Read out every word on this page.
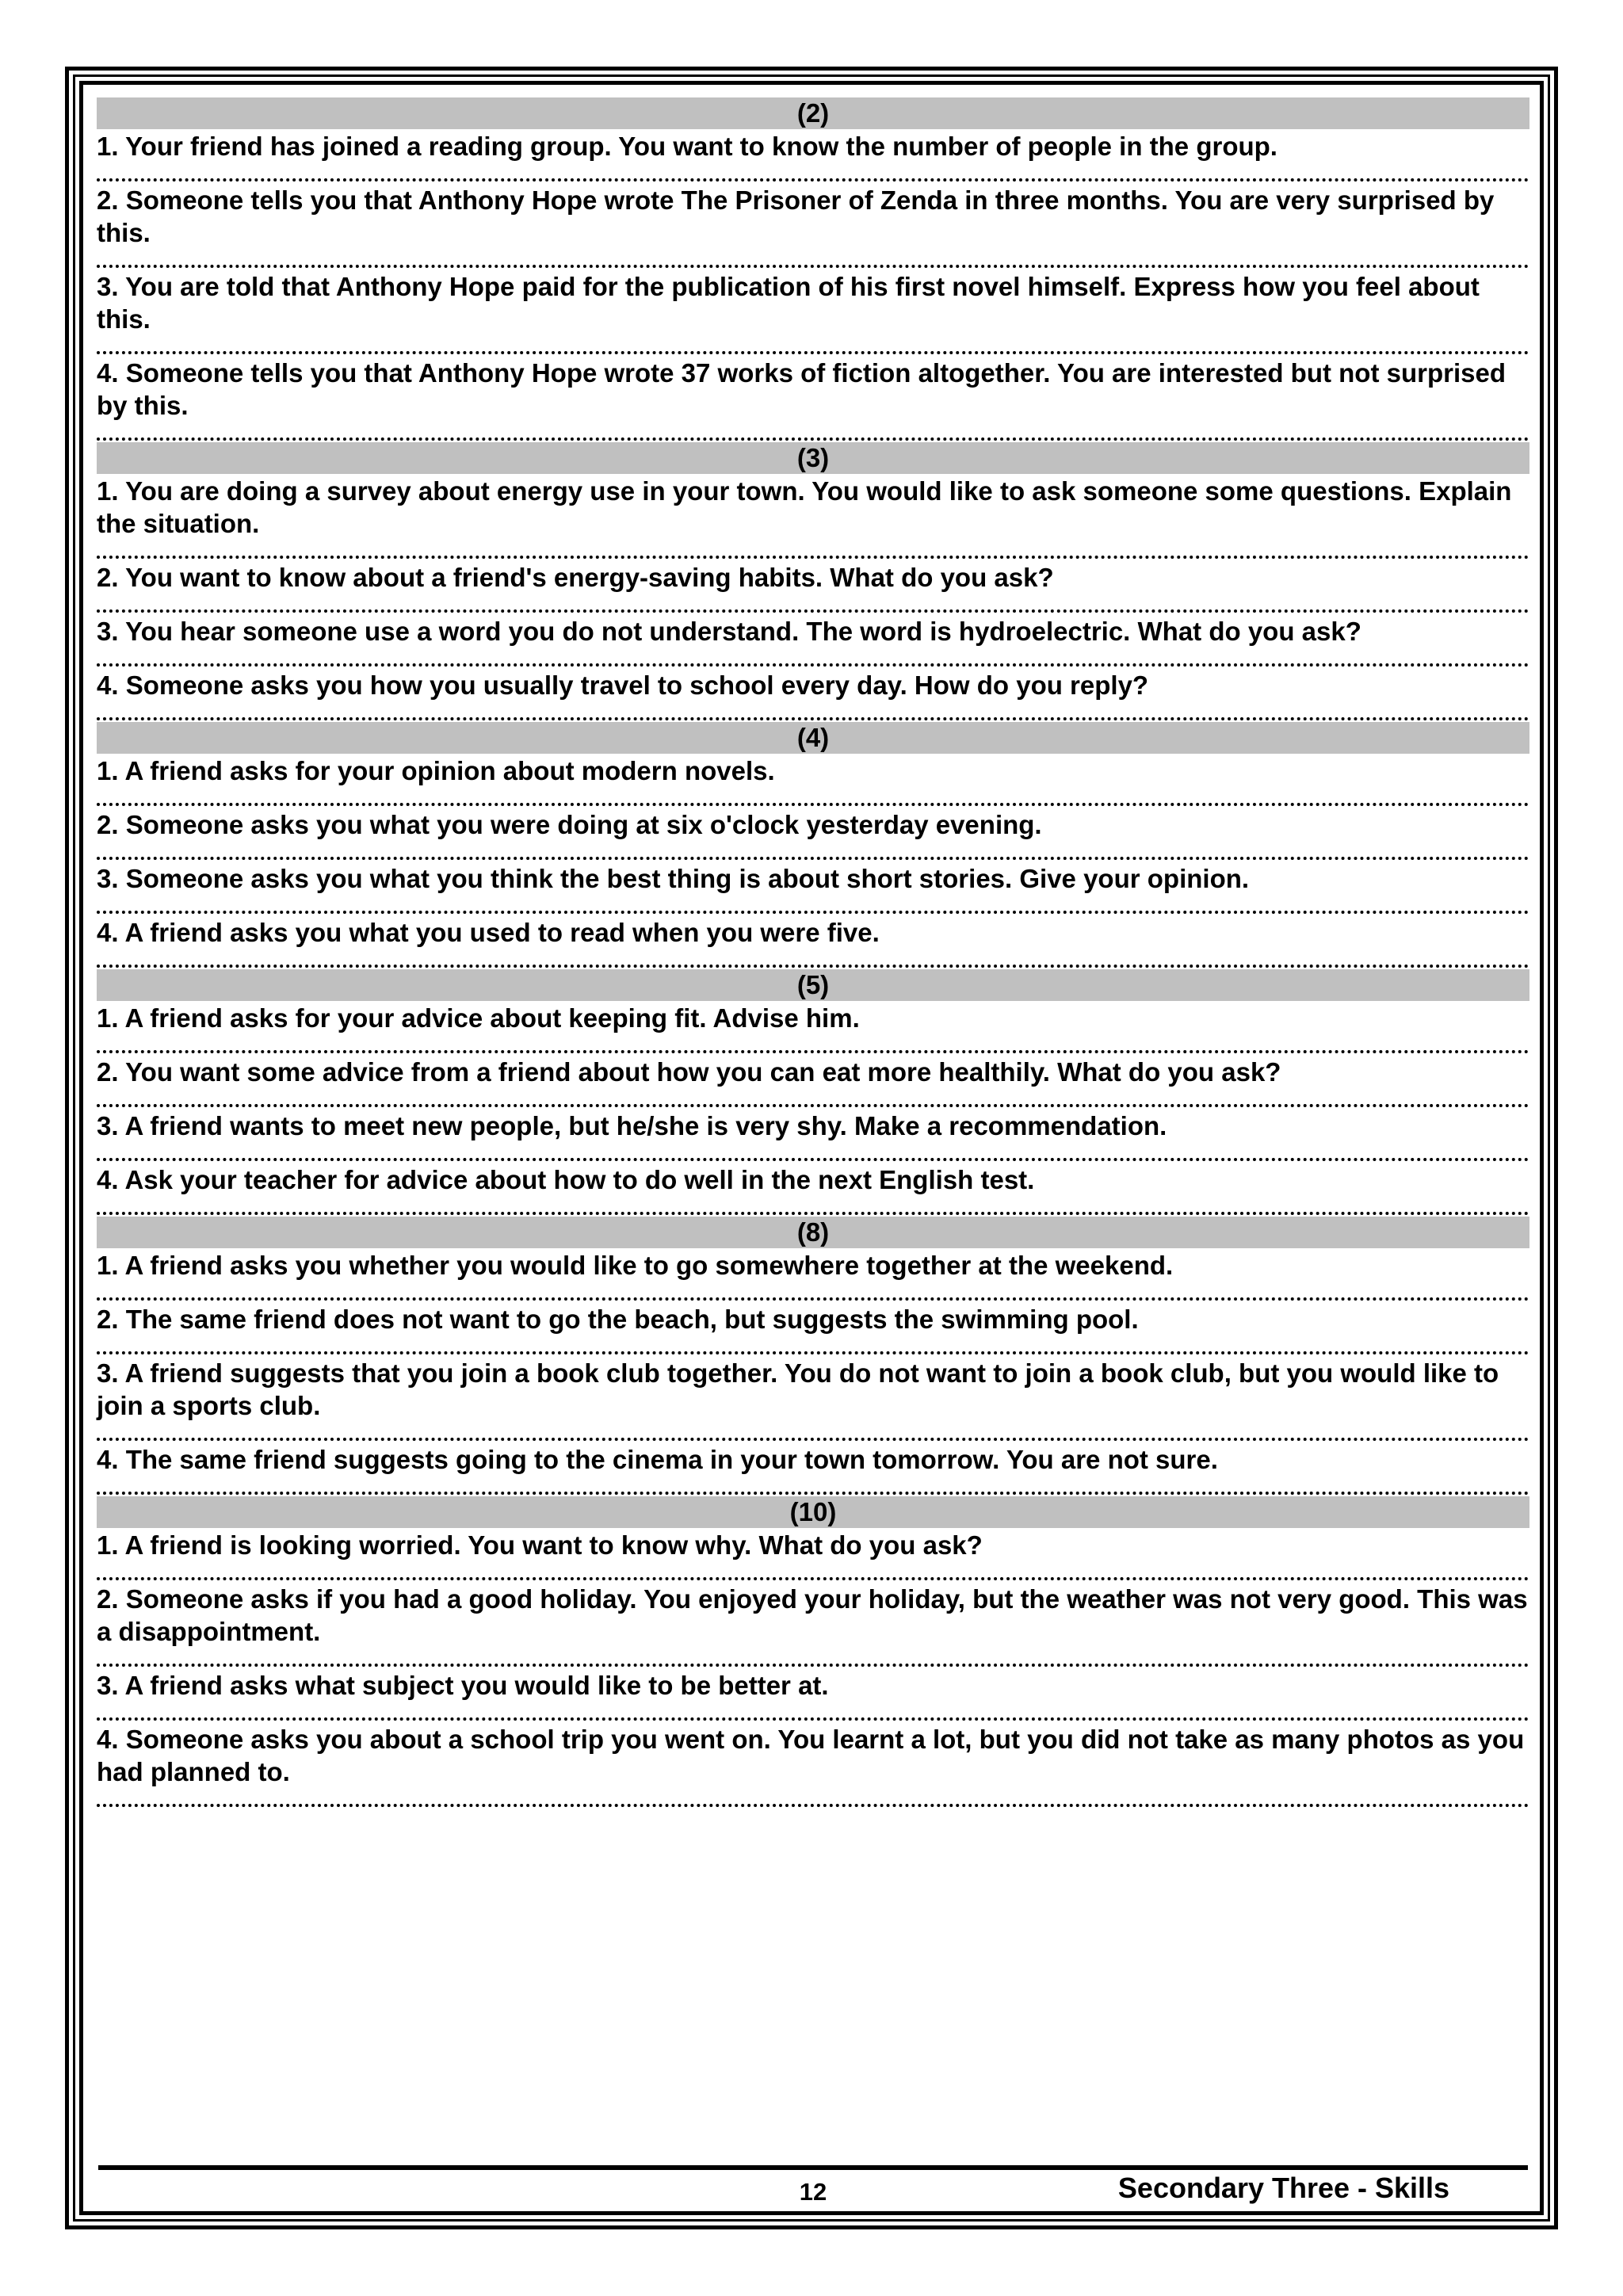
(2)
1. Your friend has joined a reading group. You want to know the number of people in the group.
2. Someone tells you that Anthony Hope wrote The Prisoner of Zenda in three months. You are very surprised by this.
3. You are told that Anthony Hope paid for the publication of his first novel himself. Express how you feel about this.
4. Someone tells you that Anthony Hope wrote 37 works of fiction altogether. You are interested but not surprised by this.
(3)
1. You are doing a survey about energy use in your town. You would like to ask someone some questions. Explain the situation.
2. You want to know about a friend's energy-saving habits. What do you ask?
3. You hear someone use a word you do not understand. The word is hydroelectric. What do you ask?
4. Someone asks you how you usually travel to school every day. How do you reply?
(4)
1. A friend asks for your opinion about modern novels.
2. Someone asks you what you were doing at six o'clock yesterday evening.
3. Someone asks you what you think the best thing is about short stories. Give your opinion.
4. A friend asks you what you used to read when you were five.
(5)
1. A friend asks for your advice about keeping fit. Advise him.
2. You want some advice from a friend about how you can eat more healthily. What do you ask?
3. A friend wants to meet new people, but he/she is very shy. Make a recommendation.
4. Ask your teacher for advice about how to do well in the next English test.
(8)
1. A friend asks you whether you would like to go somewhere together at the weekend.
2. The same friend does not want to go the beach, but suggests the swimming pool.
3. A friend suggests that you join a book club together. You do not want to join a book club, but you would like to join a sports club.
4. The same friend suggests going to the cinema in your town tomorrow. You are not sure.
(10)
1. A friend is looking worried. You want to know why. What do you ask?
2. Someone asks if you had a good holiday. You enjoyed your holiday, but the weather was not very good. This was a disappointment.
3. A friend asks what subject you would like to be better at.
4. Someone asks you about a school trip you went on. You learnt a lot, but you did not take as many photos as you had planned to.
12	Secondary Three - Skills
